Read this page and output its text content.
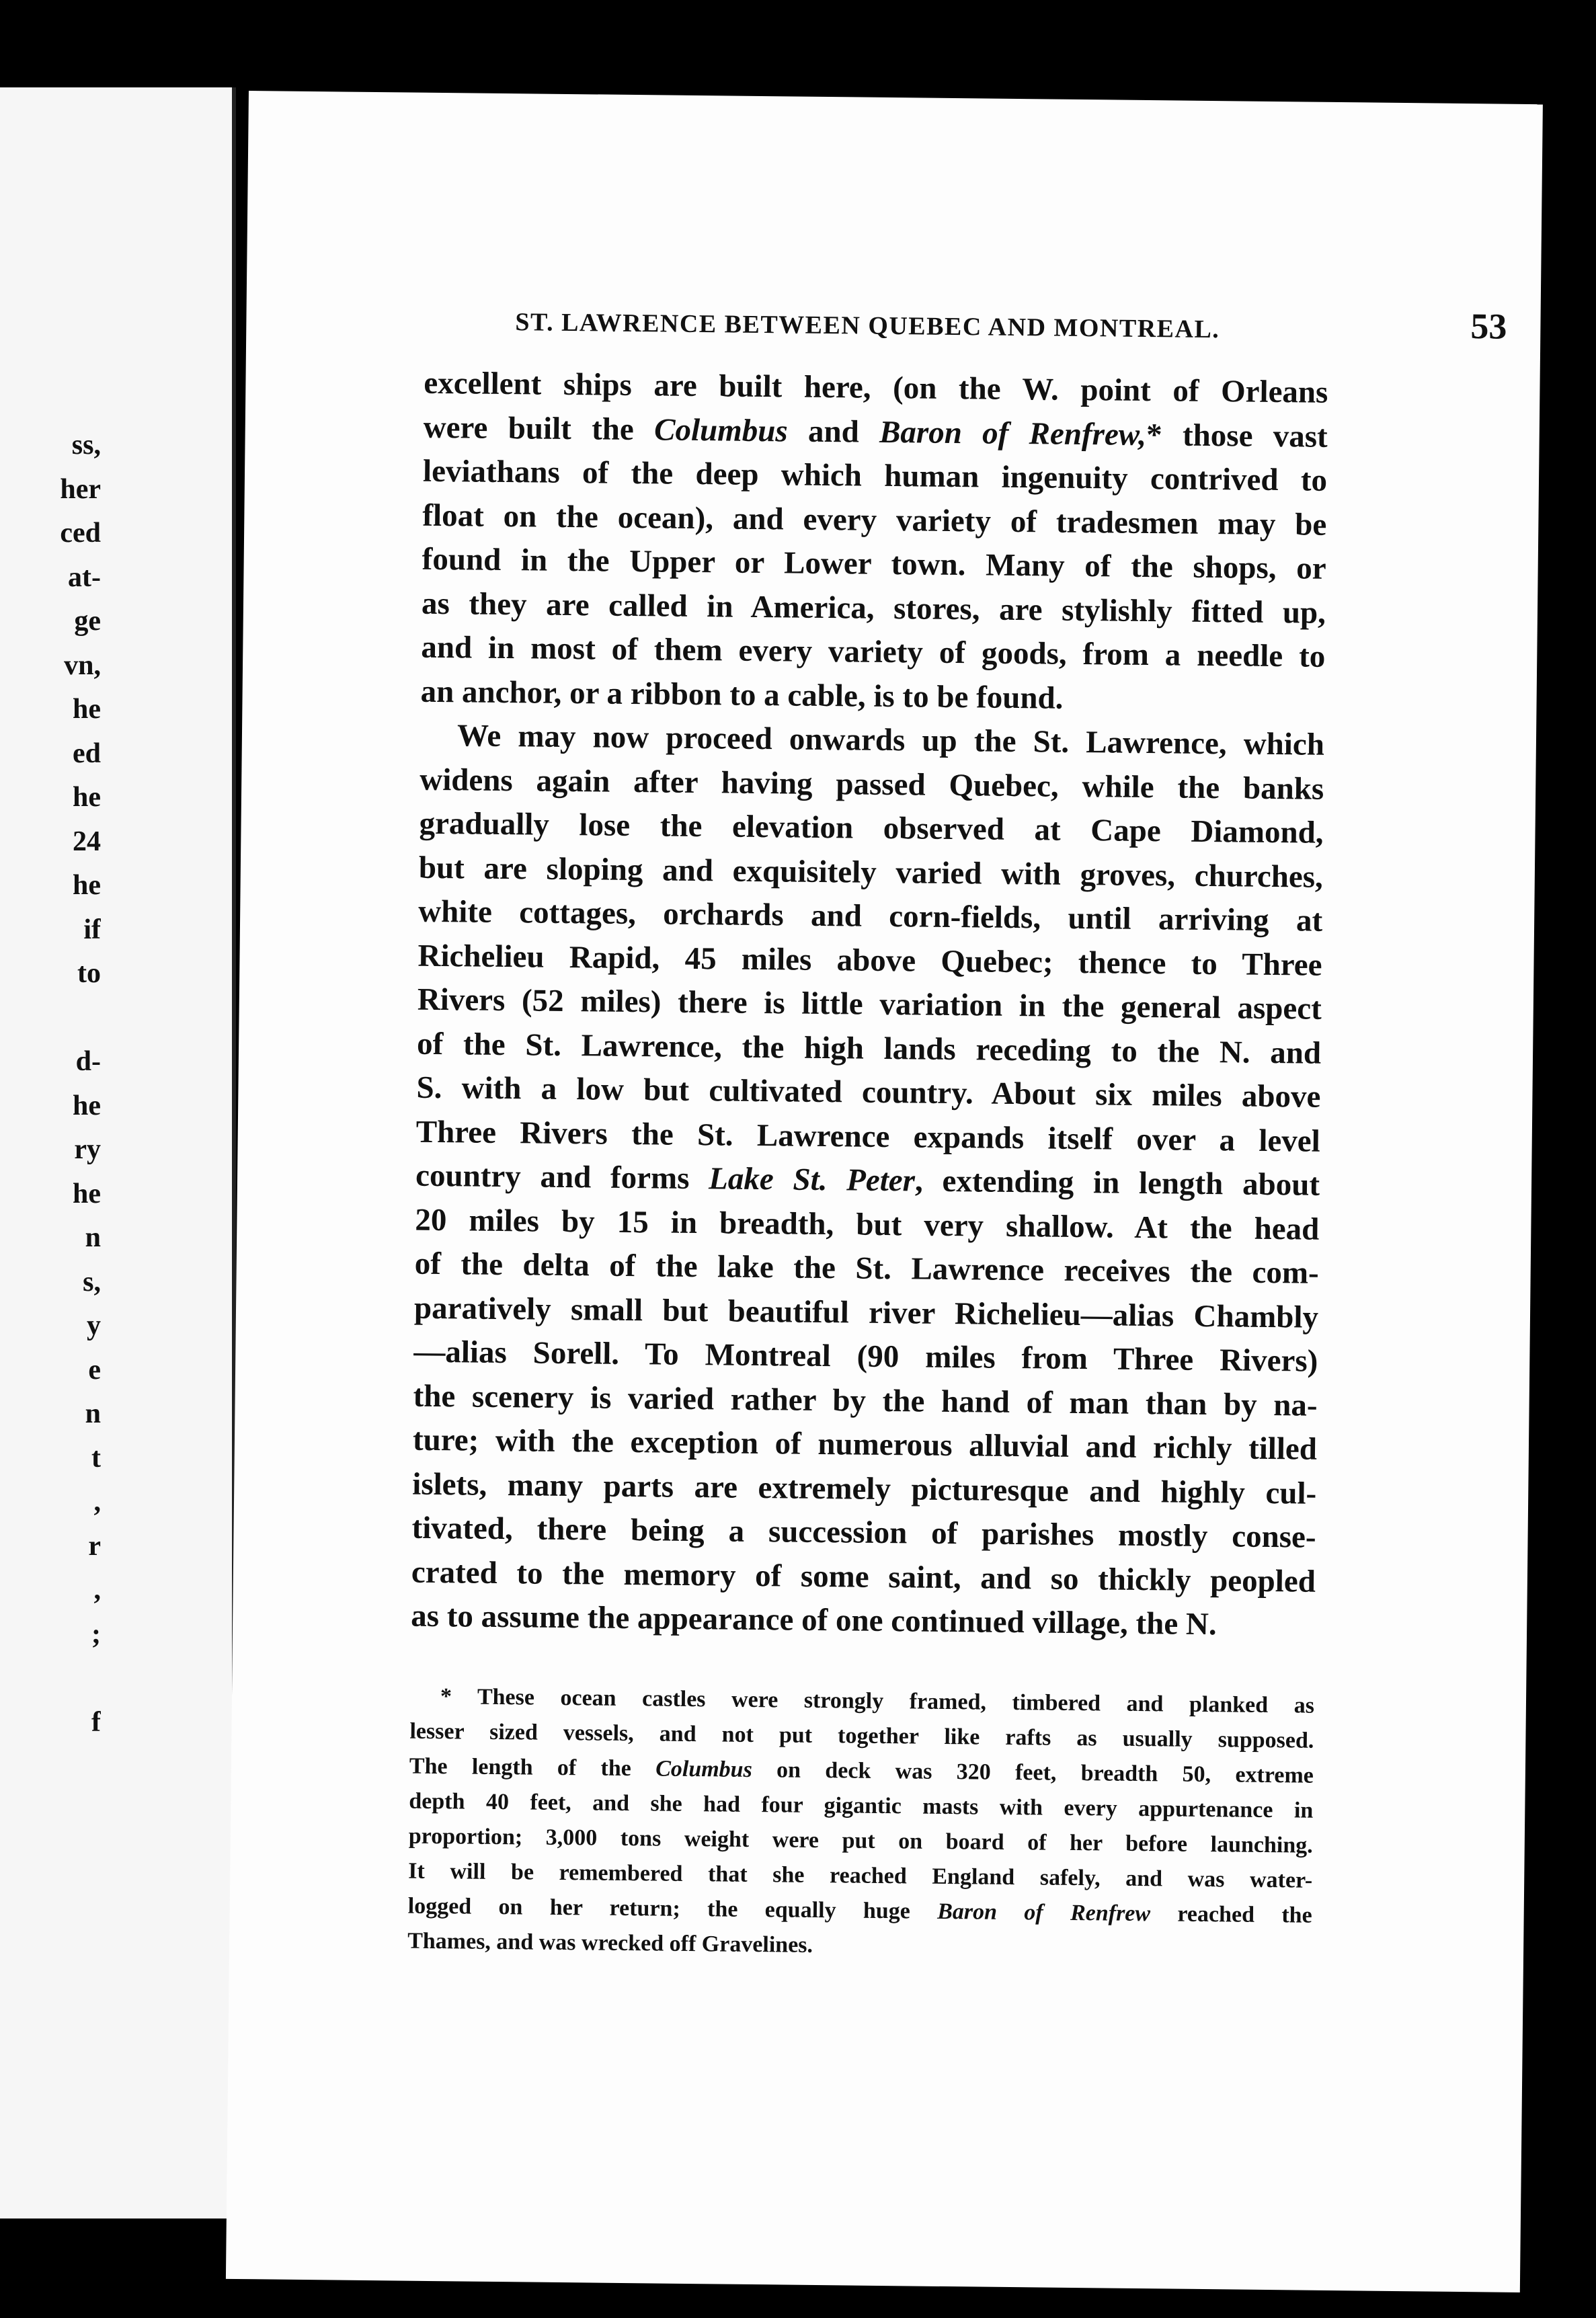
ss,
her
ced
at-
ge
vn,
he
ed
he
24
he
if
to
d-
he
ry
he
n
s,
y
e
n
t
,
r
,
;
f
ST. LAWRENCE BETWEEN QUEBEC AND MONTREAL.	53
excellent ships are built here, (on the W. point of Orleans
were built the Columbus and Baron of Renfrew,* those vast
leviathans of the deep which human ingenuity contrived to
float on the ocean), and every variety of tradesmen may be
found in the Upper or Lower town. Many of the shops, or
as they are called in America, stores, are stylishly fitted up,
and in most of them every variety of goods, from a needle to
an anchor, or a ribbon to a cable, is to be found.
We may now proceed onwards up the St. Lawrence, which
widens again after having passed Quebec, while the banks
gradually lose the elevation observed at Cape Diamond,
but are sloping and exquisitely varied with groves, churches,
white cottages, orchards and corn-fields, until arriving at
Richelieu Rapid, 45 miles above Quebec; thence to Three
Rivers (52 miles) there is little variation in the general aspect
of the St. Lawrence, the high lands receding to the N. and
S. with a low but cultivated country. About six miles above
Three Rivers the St. Lawrence expands itself over a level
country and forms Lake St. Peter, extending in length about
20 miles by 15 in breadth, but very shallow. At the head
of the delta of the lake the St. Lawrence receives the com-
paratively small but beautiful river Richelieu—alias Chambly
—alias Sorell. To Montreal (90 miles from Three Rivers)
the scenery is varied rather by the hand of man than by na-
ture; with the exception of numerous alluvial and richly tilled
islets, many parts are extremely picturesque and highly cul-
tivated, there being a succession of parishes mostly conse-
crated to the memory of some saint, and so thickly peopled
as to assume the appearance of one continued village, the N.
* These ocean castles were strongly framed, timbered and planked as
lesser sized vessels, and not put together like rafts as usually supposed.
The length of the Columbus on deck was 320 feet, breadth 50, extreme
depth 40 feet, and she had four gigantic masts with every appurtenance in
proportion; 3,000 tons weight were put on board of her before launching.
It will be remembered that she reached England safely, and was water-
logged on her return; the equally huge Baron of Renfrew reached the
Thames, and was wrecked off Gravelines.
